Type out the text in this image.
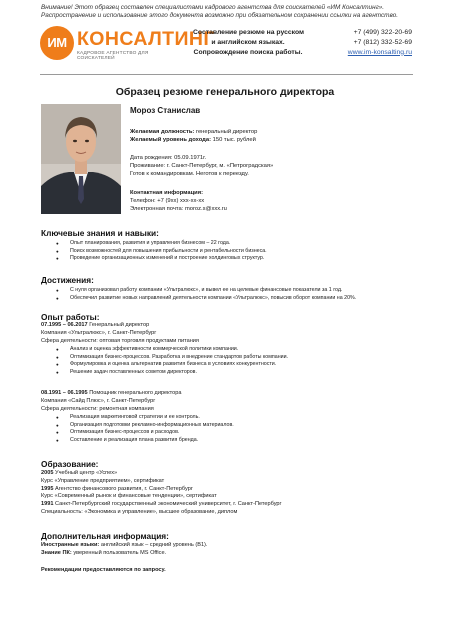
Внимание! Этот образец составлен специалистами кадрового агентства для соискателей «ИМ Консалтинг».
Распространение и использование этого документа возможно при обязательном сохранении ссылки на агентство.
ИМ КОНСАЛТИНГ
КАДРОВОЕ АГЕНТСТВО ДЛЯ СОИСКАТЕЛЕЙ
Составление резюме на русском
и английском языках.
Сопровождение поиска работы.
+7 (499) 322-20-69
+7 (812) 332-52-69
www.im-konsalting.ru
Образец резюме генерального директора
Мороз Станислав
Желаемая должность: генеральный директор
Желаемый уровень дохода: 150 тыс. рублей
Дата рождения: 05.09.1971г.
Проживание: г. Санкт-Петербург, м. «Петроградская»
Готов к командировкам. Неготов к переезду.
Контактная информация:
Телефон: +7 (9хх) ххх-хх-хх
Электронная почта: moroz.s@xxx.ru
Ключевые знания и навыки:
● Опыт планирования, развития и управления бизнесом – 22 года.
● Поиск возможностей для повышения прибыльности и рентабельности бизнеса.
● Проведение организационных изменений и построение холдинговых структур.
Достижения:
● С нуля организовал работу компании «Ультралюкс», и вывел ее на целевые финансовые показатели за 1 год.
● Обеспечил развитие новых направлений деятельности компании «Ультралюкс», повысив оборот компании на 20%.
Опыт работы:
07.1995 – 06.2017 Генеральный директор
Компания «Ультралюкс», г. Санкт-Петербург
Сфера деятельности: оптовая торговля продуктами питания
● Анализ и оценка эффективности коммерческой политики компании.
● Оптимизация бизнес-процессов. Разработка и внедрение стандартов работы компании.
● Формулировка и оценка альтернатив развития бизнеса в условиях конкурентности.
● Решение задач поставленных советом директоров.
08.1991 – 06.1995 Помощник генерального директора
Компания «Сайд Плюс», г. Санкт-Петербург
Сфера деятельности: ремонтная компания
● Реализация маркетинговой стратегии и ее контроль.
● Организация подготовки рекламно-информационных материалов.
● Оптимизация бизнес-процессов и расходов.
● Составление и реализация плана развития бренда.
Образование:
2005 Учебный центр «Успех»
Курс «Управление предприятием», сертификат
1995 Агентство финансового развития, г. Санкт-Петербург
Курс «Современный рынок и финансовые тенденции», сертификат
1991 Санкт-Петербургский государственный экономический университет, г. Санкт-Петербург
Специальность: «Экономика и управление», высшее образование, диплом
Дополнительная информация:
Иностранные языки: английский язык – средний уровень (B1).
Знание ПК: уверенный пользователь MS Office.
Рекомендации предоставляются по запросу.
